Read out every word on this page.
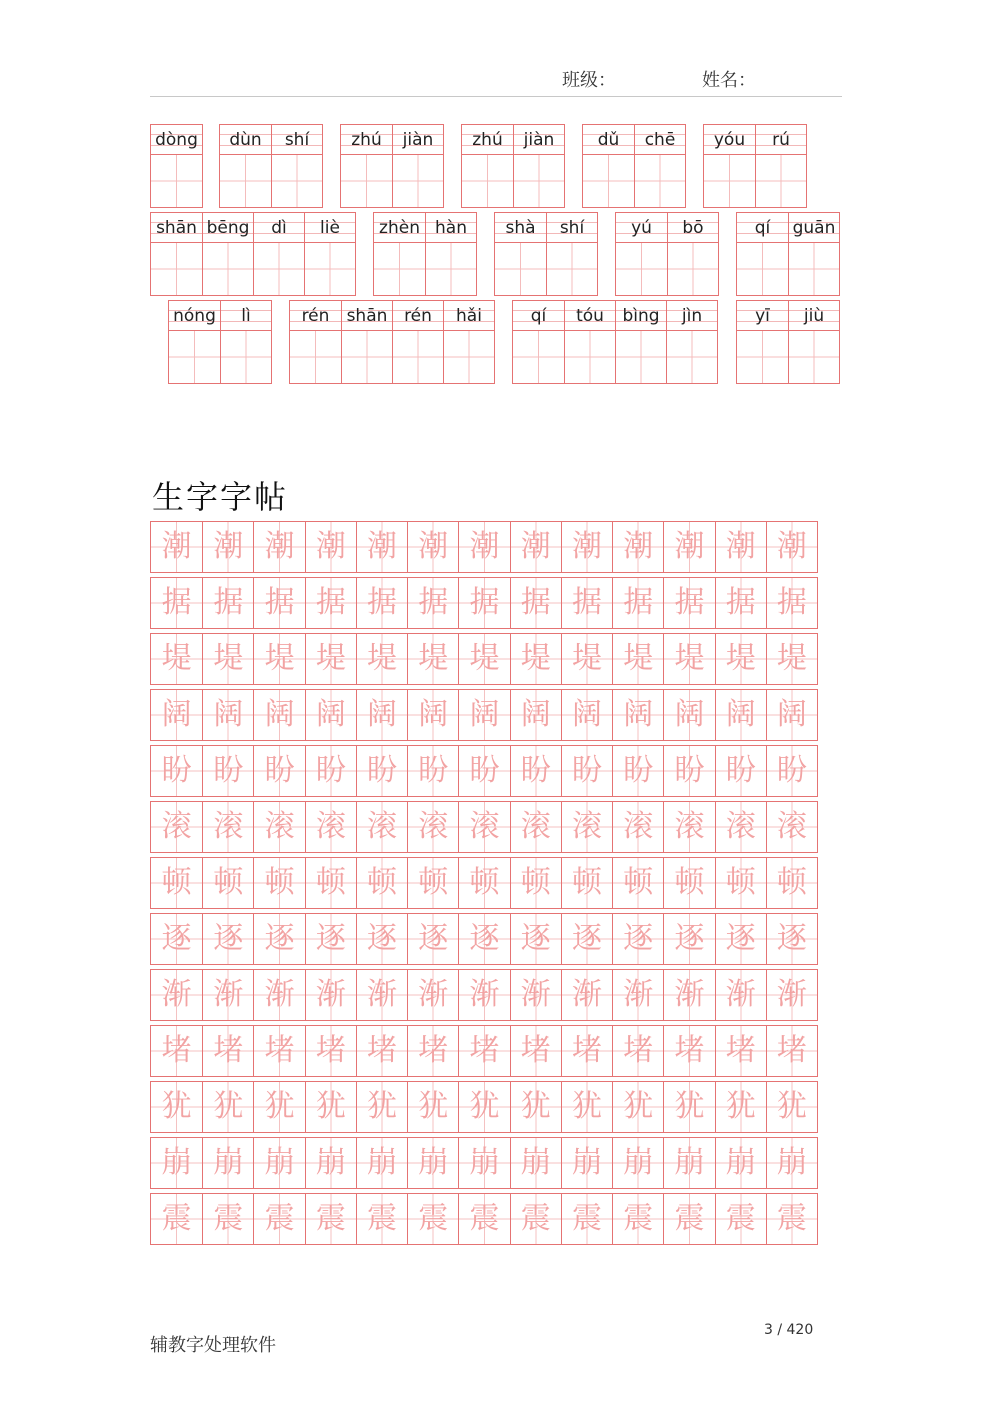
班级：	姓名：
dòng	dùn	shí	zhú	jiàn	zhú	jiàn	dǔ	chē	yóu	rú
shān bēng	dì	liè	zhèn hàn	shà	shí	yú	bō	qí	guān
nóng	lì	rén	shān rén	hǎi	qí	tóu	bìng	jìn	yī	jiù
生字字帖
潮 潮 潮 潮 潮 潮 潮 潮 潮 潮 潮 潮 潮
据 据 据 据 据 据 据 据 据 据 据 据 据
堤 堤 堤 堤 堤 堤 堤 堤 堤 堤 堤 堤 堤
阔 阔 阔 阔 阔 阔 阔 阔 阔 阔 阔 阔 阔
盼 盼 盼 盼 盼 盼 盼 盼 盼 盼 盼 盼 盼
滚 滚 滚 滚 滚 滚 滚 滚 滚 滚 滚 滚 滚
顿 顿 顿 顿 顿 顿 顿 顿 顿 顿 顿 顿 顿
逐 逐 逐 逐 逐 逐 逐 逐 逐 逐 逐 逐 逐
渐 渐 渐 渐 渐 渐 渐 渐 渐 渐 渐 渐 渐
堵 堵 堵 堵 堵 堵 堵 堵 堵 堵 堵 堵 堵
犹 犹 犹 犹 犹 犹 犹 犹 犹 犹 犹 犹 犹
崩 崩 崩 崩 崩 崩 崩 崩 崩 崩 崩 崩 崩
震 震 震 震 震 震 震 震 震 震 震 震 震
辅教字处理软件
3 / 420
